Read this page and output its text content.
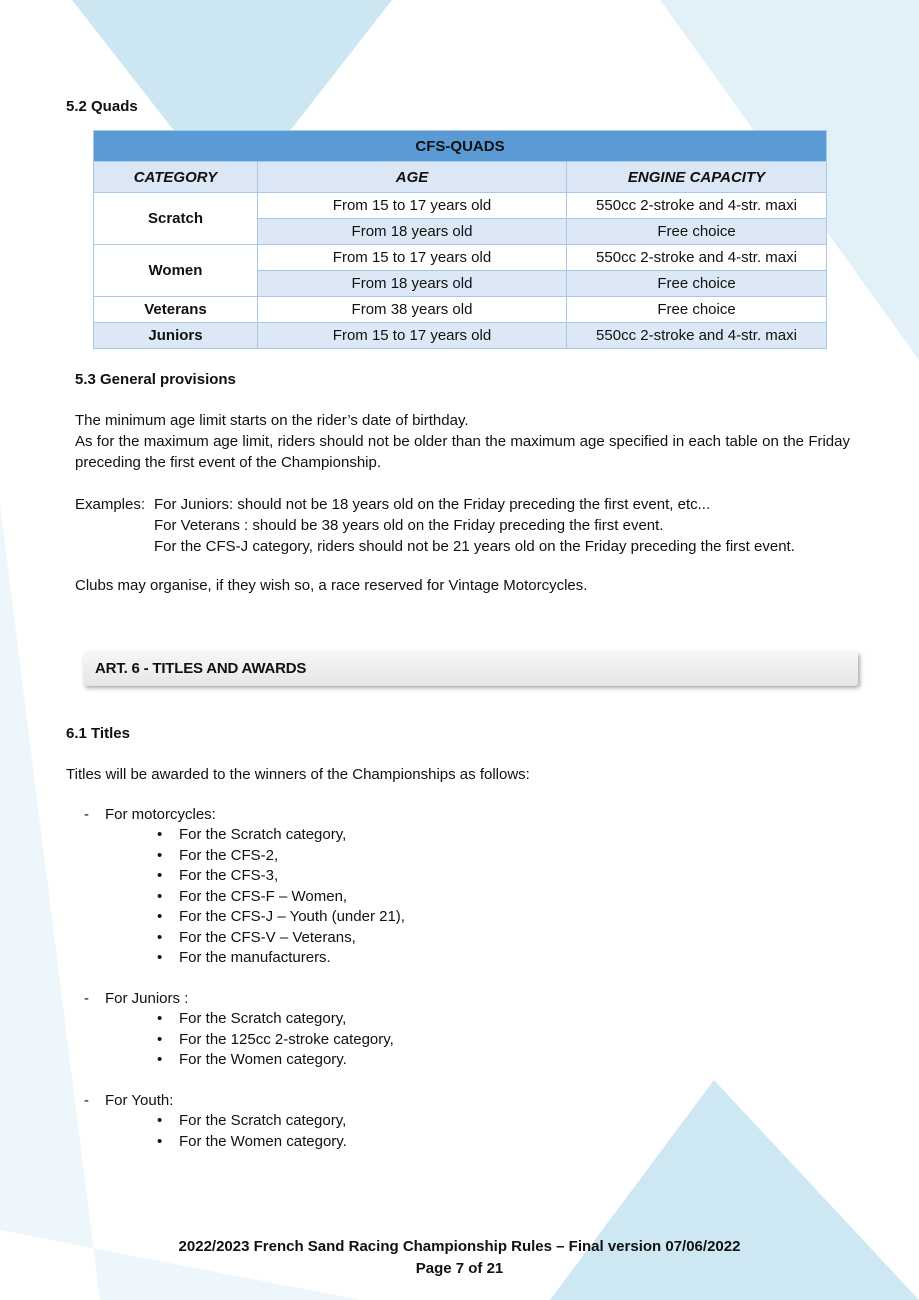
5.2 Quads
CFS-QUADS		
CATEGORY	AGE	ENGINE CAPACITY
Scratch	From 15 to 17 years old	550cc 2-stroke and 4-str. maxi
	From 18 years old	Free choice
Women	From 15 to 17 years old	550cc 2-stroke and 4-str. maxi
	From 18 years old	Free choice
Veterans	From 38 years old	Free choice
Juniors	From 15 to 17 years old	550cc 2-stroke and 4-str. maxi
5.3 General provisions
The minimum age limit starts on the rider’s date of birthday.
As for the maximum age limit, riders should not be older than the maximum age specified in each table on the Friday preceding the first event of the Championship.
Examples: For Juniors: should not be 18 years old on the Friday preceding the first event, etc...
For Veterans : should be 38 years old on the Friday preceding the first event.
For the CFS-J category, riders should not be 21 years old on the Friday preceding the first event.
Clubs may organise, if they wish so, a race reserved for Vintage Motorcycles.
ART. 6 - TITLES AND AWARDS
6.1 Titles
Titles will be awarded to the winners of the Championships as follows:
- For motorcycles:
• For the Scratch category,
• For the CFS-2,
• For the CFS-3,
• For the CFS-F – Women,
• For the CFS-J – Youth (under 21),
• For the CFS-V – Veterans,
• For the manufacturers.
- For Juniors :
• For the Scratch category,
• For the 125cc 2-stroke category,
• For the Women category.
- For Youth:
• For the Scratch category,
• For the Women category.
2022/2023 French Sand Racing Championship Rules – Final version 07/06/2022
Page 7 of 21
